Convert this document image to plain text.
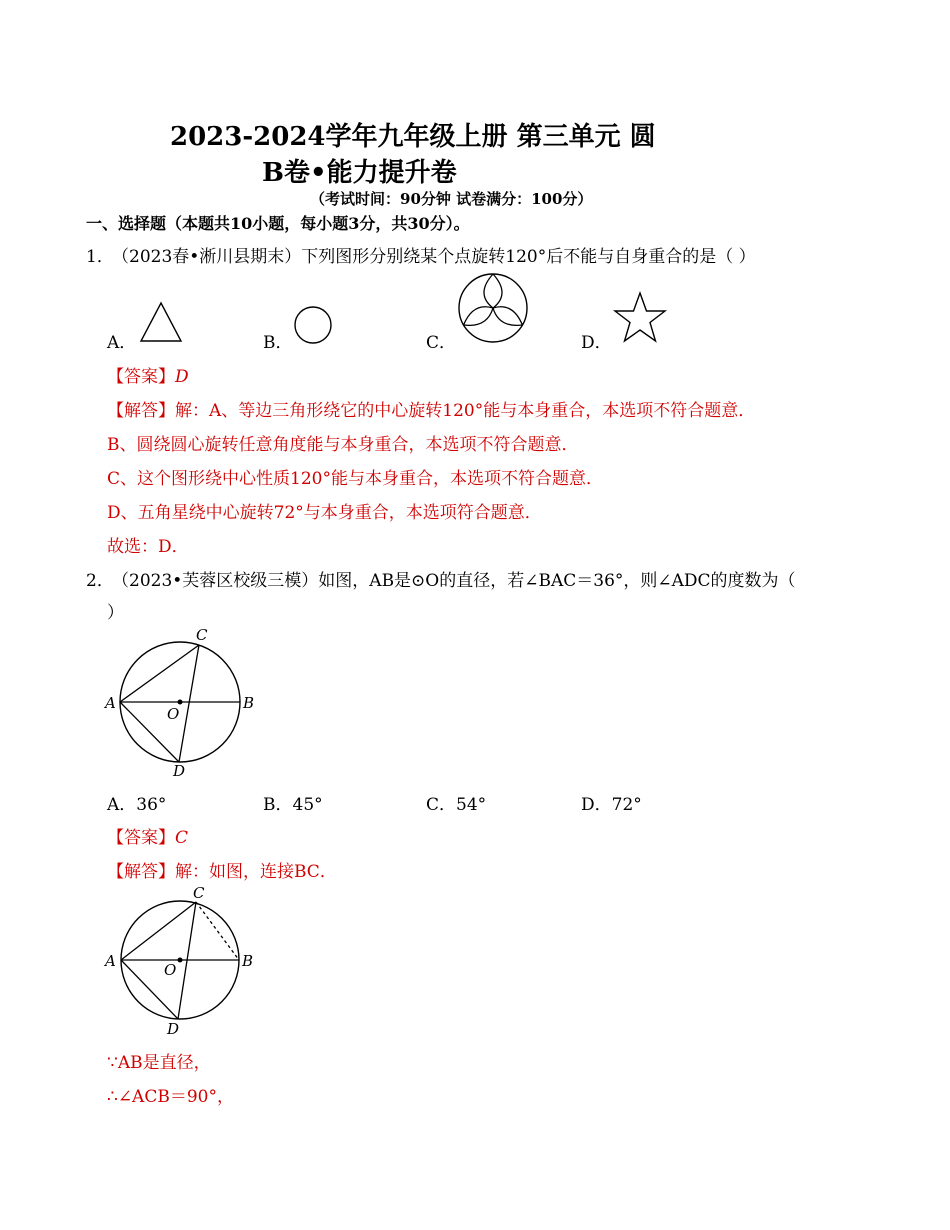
2023-2024学年九年级上册 第三单元 圆
B卷•能力提升卷
（考试时间：90分钟 试卷满分：100分）
一、选择题（本题共10小题，每小题3分，共30分）。
1．
（2023春•淅川县期末）下列图形分别绕某个点旋转120°后不能与自身重合的是（ ）
A．	B．	C．	D．
【答案】D
【解答】解：A、等边三角形绕它的中心旋转120°能与本身重合，本选项不符合题意．
B、圆绕圆心旋转任意角度能与本身重合，本选项不符合题意．
C、这个图形绕中心性质120°能与本身重合，本选项不符合题意．
D、五角星绕中心旋转72°与本身重合，本选项符合题意．
故选：D．
2．
（2023•芙蓉区校级三模）如图，AB是⊙O的直径，若∠BAC＝36°，则∠ADC的度数为（
）
A	B
C
D
O
A．36°	B．45°	C．54°	D．72°
【答案】C
【解答】解：如图，连接BC．
A	B
C
D
O
∵AB是直径，
∴∠ACB＝90°，
